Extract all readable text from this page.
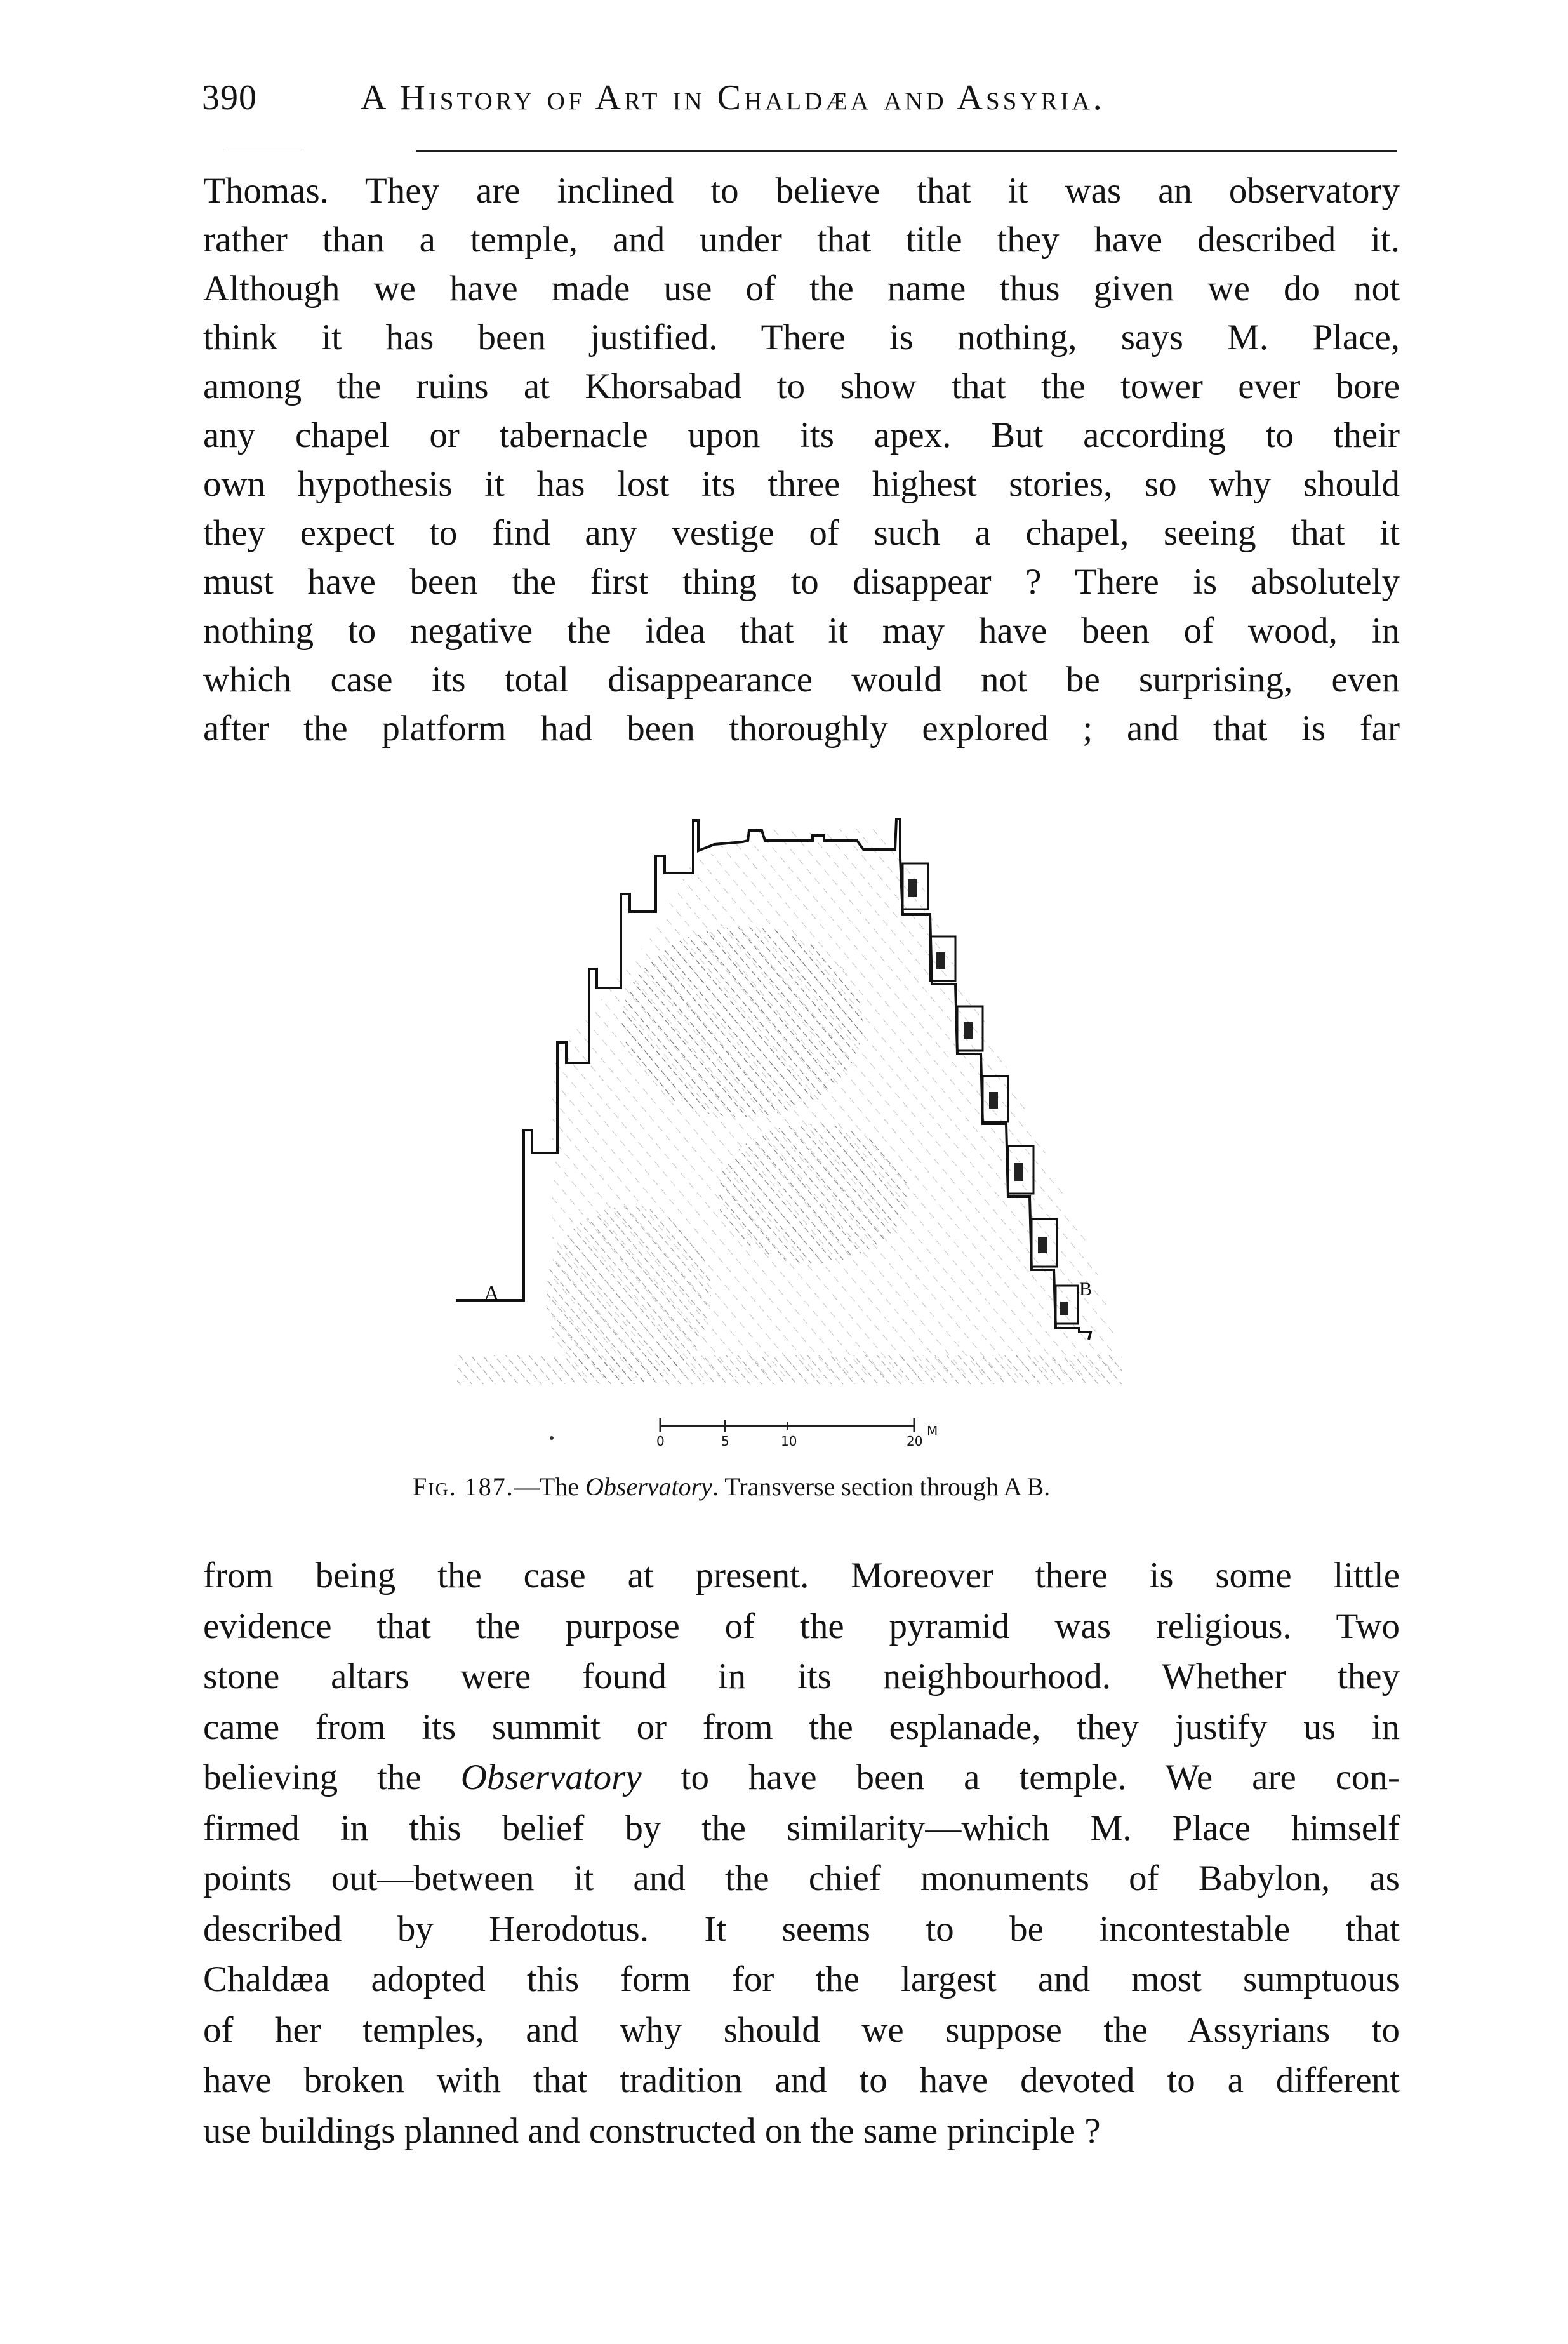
390	A History of Art in Chaldæa and Assyria.
Thomas. They are inclined to believe that it was an observatory
rather than a temple, and under that title they have described it.
Although we have made use of the name thus given we do not
think it has been justified. There is nothing, says M. Place,
among the ruins at Khorsabad to show that the tower ever bore
any chapel or tabernacle upon its apex. But according to their
own hypothesis it has lost its three highest stories, so why should
they expect to find any vestige of such a chapel, seeing that it
must have been the first thing to disappear ? There is absolutely
nothing to negative the idea that it may have been of wood, in
which case its total disappearance would not be surprising, even
after the platform had been thoroughly explored ; and that is far
A	B
0	5	10	20
M
Fig. 187.—The Observatory. Transverse section through A B.
from being the case at present. Moreover there is some little
evidence that the purpose of the pyramid was religious. Two
stone altars were found in its neighbourhood. Whether they
came from its summit or from the esplanade, they justify us in
believing the Observatory to have been a temple. We are con-
firmed in this belief by the similarity—which M. Place himself
points out—between it and the chief monuments of Babylon, as
described by Herodotus. It seems to be incontestable that
Chaldæa adopted this form for the largest and most sumptuous
of her temples, and why should we suppose the Assyrians to
have broken with that tradition and to have devoted to a different
use buildings planned and constructed on the same principle ?
